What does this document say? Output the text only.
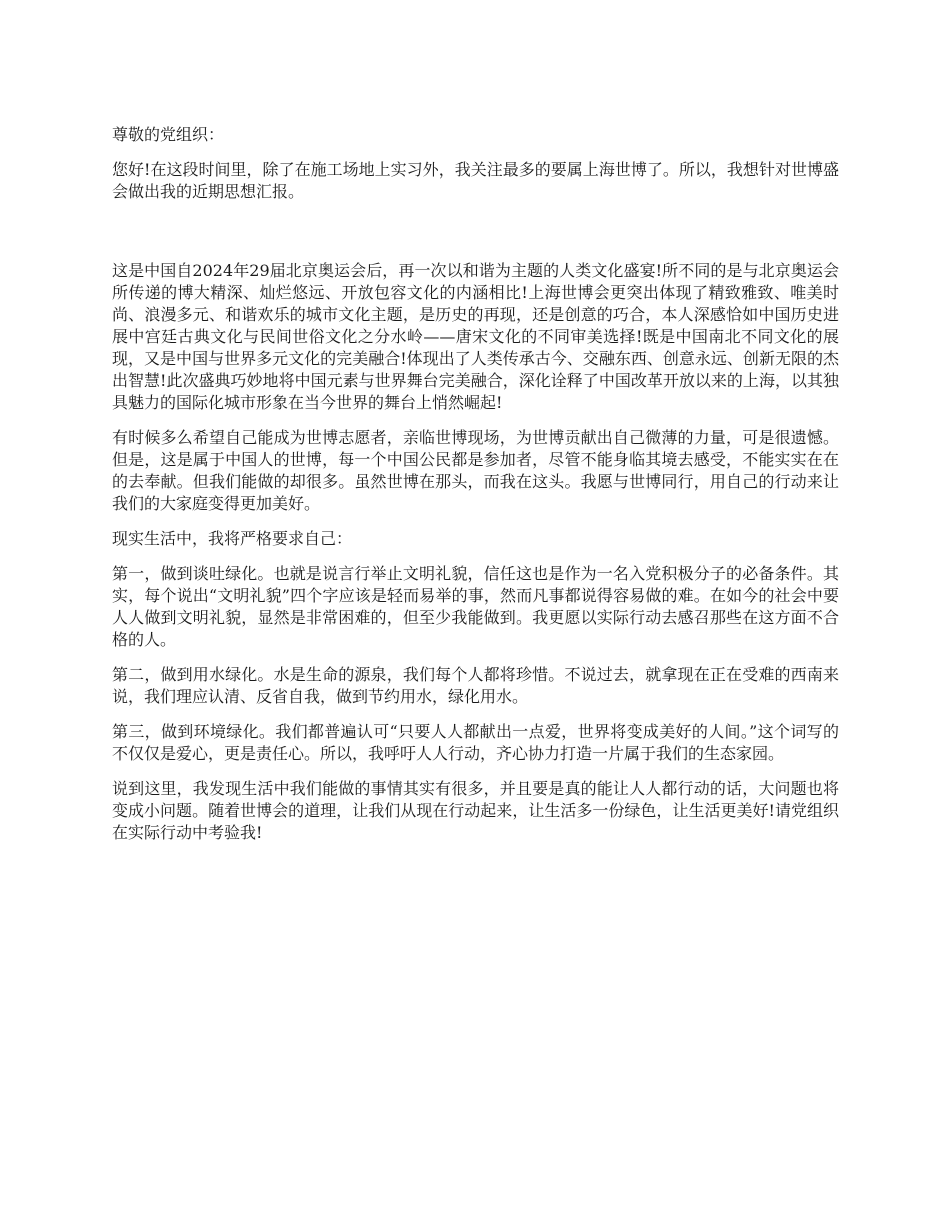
尊敬的党组织：

您好!在这段时间里，除了在施工场地上实习外，我关注最多的要属上海世博了。所以，我想针对世博盛会做出我的近期思想汇报。

这是中国自2024年29届北京奥运会后，再一次以和谐为主题的人类文化盛宴!所不同的是与北京奥运会所传递的博大精深、灿烂悠远、开放包容文化的内涵相比!上海世博会更突出体现了精致雅致、唯美时尚、浪漫多元、和谐欢乐的城市文化主题，是历史的再现，还是创意的巧合，本人深感恰如中国历史进展中宫廷古典文化与民间世俗文化之分水岭——唐宋文化的不同审美选择!既是中国南北不同文化的展现，又是中国与世界多元文化的完美融合!体现出了人类传承古今、交融东西、创意永远、创新无限的杰出智慧!此次盛典巧妙地将中国元素与世界舞台完美融合，深化诠释了中国改革开放以来的上海，以其独具魅力的国际化城市形象在当今世界的舞台上悄然崛起!

有时候多么希望自己能成为世博志愿者，亲临世博现场，为世博贡献出自己微薄的力量，可是很遗憾。但是，这是属于中国人的世博，每一个中国公民都是参加者，尽管不能身临其境去感受，不能实实在在的去奉献。但我们能做的却很多。虽然世博在那头，而我在这头。我愿与世博同行，用自己的行动来让我们的大家庭变得更加美好。

现实生活中，我将严格要求自己：

第一，做到谈吐绿化。也就是说言行举止文明礼貌，信任这也是作为一名入党积极分子的必备条件。其实，每个说出“文明礼貌”四个字应该是轻而易举的事，然而凡事都说得容易做的难。在如今的社会中要人人做到文明礼貌，显然是非常困难的，但至少我能做到。我更愿以实际行动去感召那些在这方面不合格的人。

第二，做到用水绿化。水是生命的源泉，我们每个人都将珍惜。不说过去，就拿现在正在受难的西南来说，我们理应认清、反省自我，做到节约用水，绿化用水。

第三，做到环境绿化。我们都普遍认可“只要人人都献出一点爱，世界将变成美好的人间。”这个词写的不仅仅是爱心，更是责任心。所以，我呼吁人人行动，齐心协力打造一片属于我们的生态家园。

说到这里，我发现生活中我们能做的事情其实有很多，并且要是真的能让人人都行动的话，大问题也将变成小问题。随着世博会的道理，让我们从现在行动起来，让生活多一份绿色，让生活更美好!请党组织在实际行动中考验我!
